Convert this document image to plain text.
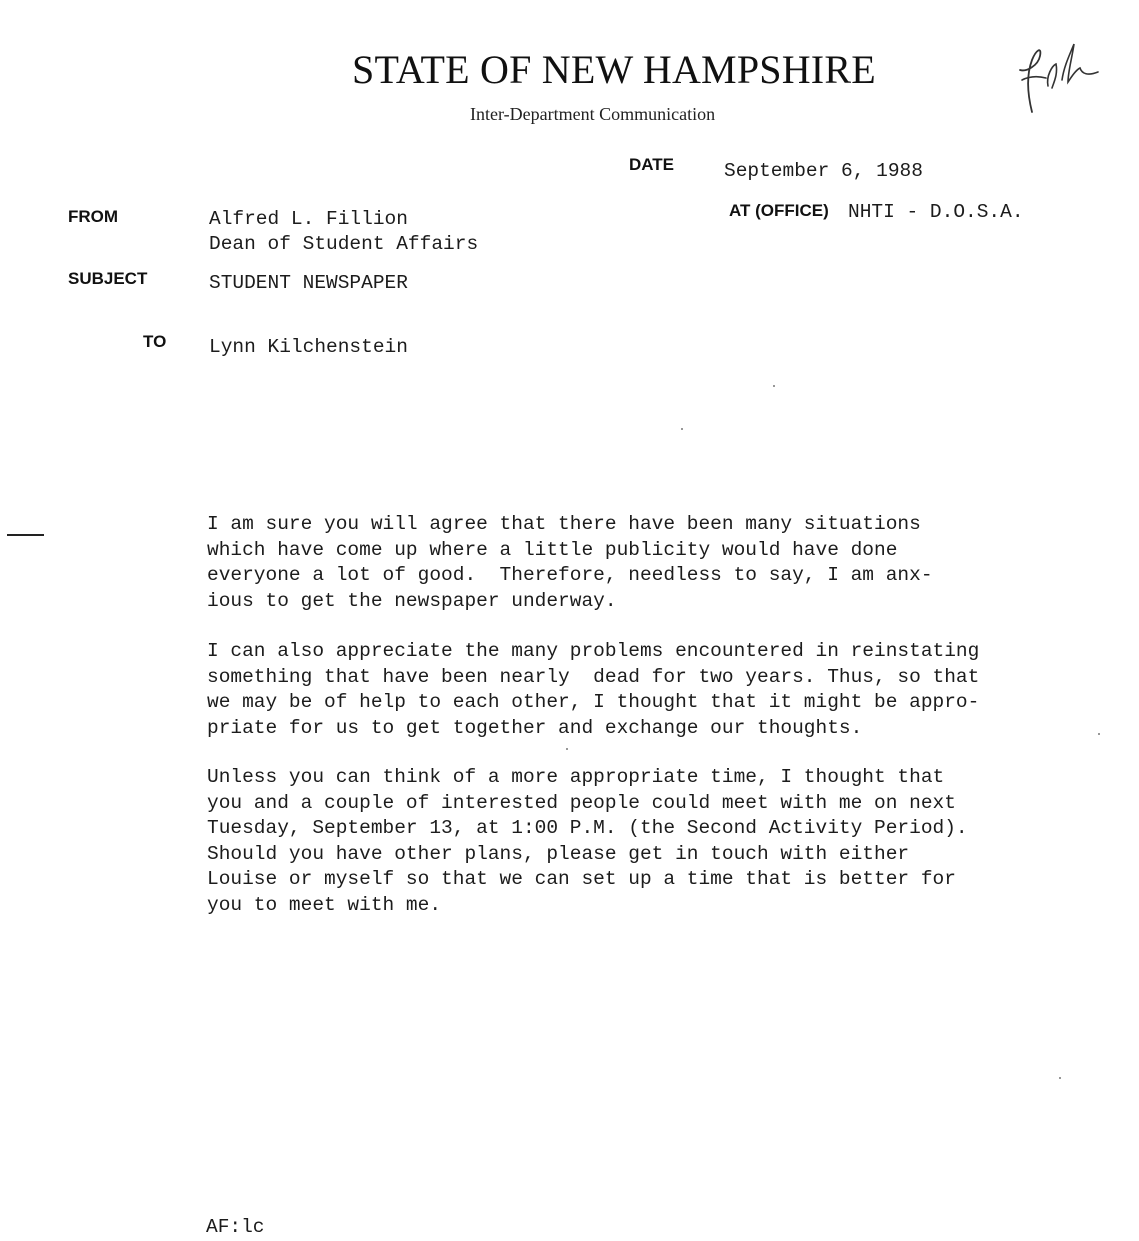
STATE OF NEW HAMPSHIRE
Inter-Department Communication
DATE	September 6, 1988
AT (OFFICE) NHTI - D.O.S.A.
FROM	Alfred L. Fillion
Dean of Student Affairs
SUBJECT	STUDENT NEWSPAPER
TO Lynn Kilchenstein

I am sure you will agree that there have been many situations
which have come up where a little publicity would have done
everyone a lot of good.  Therefore, needless to say, I am anx-
ious to get the newspaper underway.

I can also appreciate the many problems encountered in reinstating
something that have been nearly  dead for two years. Thus, so that
we may be of help to each other, I thought that it might be appro-
priate for us to get together and exchange our thoughts.

Unless you can think of a more appropriate time, I thought that
you and a couple of interested people could meet with me on next
Tuesday, September 13, at 1:00 P.M. (the Second Activity Period).
Should you have other plans, please get in touch with either
Louise or myself so that we can set up a time that is better for
you to meet with me.

AF:lc
